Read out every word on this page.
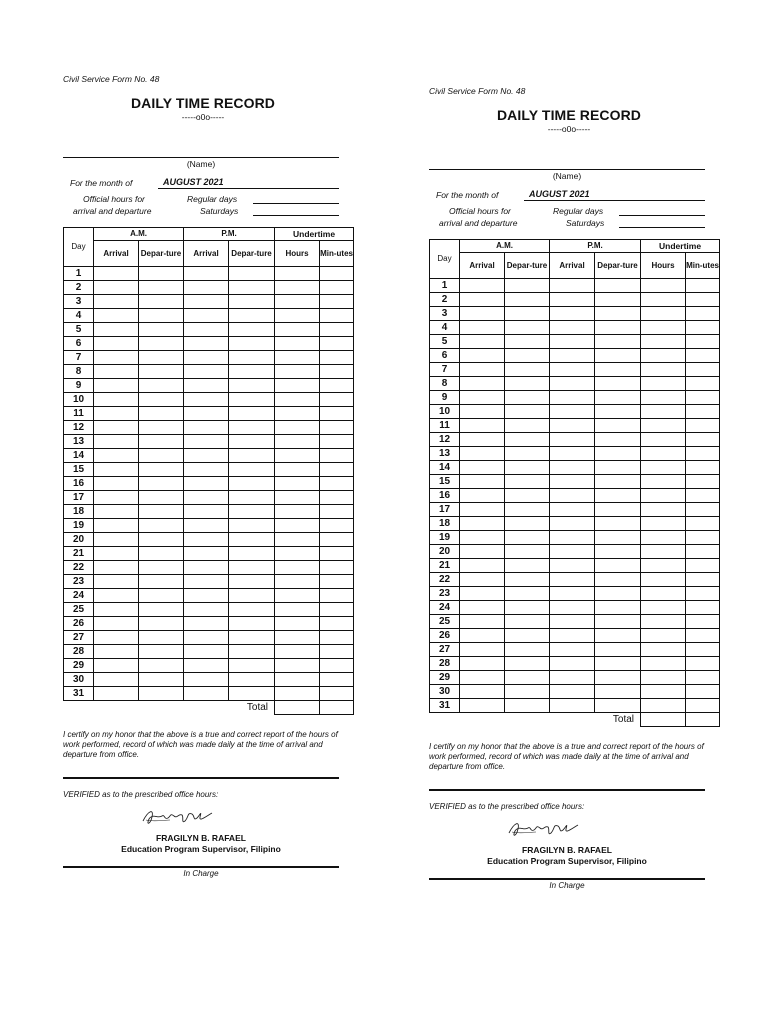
Civil Service Form No. 48
DAILY TIME RECORD
-----o0o-----
(Name)
For the month of	AUGUST 2021
Official hours for
arrival and departure
Regular days
Saturdays
Day	A.M.		P.M.		Undertime	
	Arrival	Depar-ture	Arrival	Depar-ture	Hours	Min-utes
1						
2						
3						
4						
5						
6						
7						
8						
9						
10						
11						
12						
13						
14						
15						
16						
17						
18						
19						
20						
21						
22						
23						
24						
25						
26						
27						
28						
29						
30						
31						
	Total					
I certify on my honor that the above is a true and correct report of the hours of work performed, record of which was made daily at the time of arrival and departure from office.
VERIFIED as to the prescribed office hours:
FRAGILYN B. RAFAEL
Education Program Supervisor, Filipino
In Charge
Civil Service Form No. 48
DAILY TIME RECORD
-----o0o-----
(Name)
For the month of	AUGUST 2021
Official hours for
arrival and departure
Regular days
Saturdays
Day	A.M.		P.M.		Undertime	
	Arrival	Depar-ture	Arrival	Depar-ture	Hours	Min-utes
1						
2						
3						
4						
5						
6						
7						
8						
9						
10						
11						
12						
13						
14						
15						
16						
17						
18						
19						
20						
21						
22						
23						
24						
25						
26						
27						
28						
29						
30						
31						
	Total					
I certify on my honor that the above is a true and correct report of the hours of work performed, record of which was made daily at the time of arrival and departure from office.
VERIFIED as to the prescribed office hours:
FRAGILYN B. RAFAEL
Education Program Supervisor, Filipino
In Charge
